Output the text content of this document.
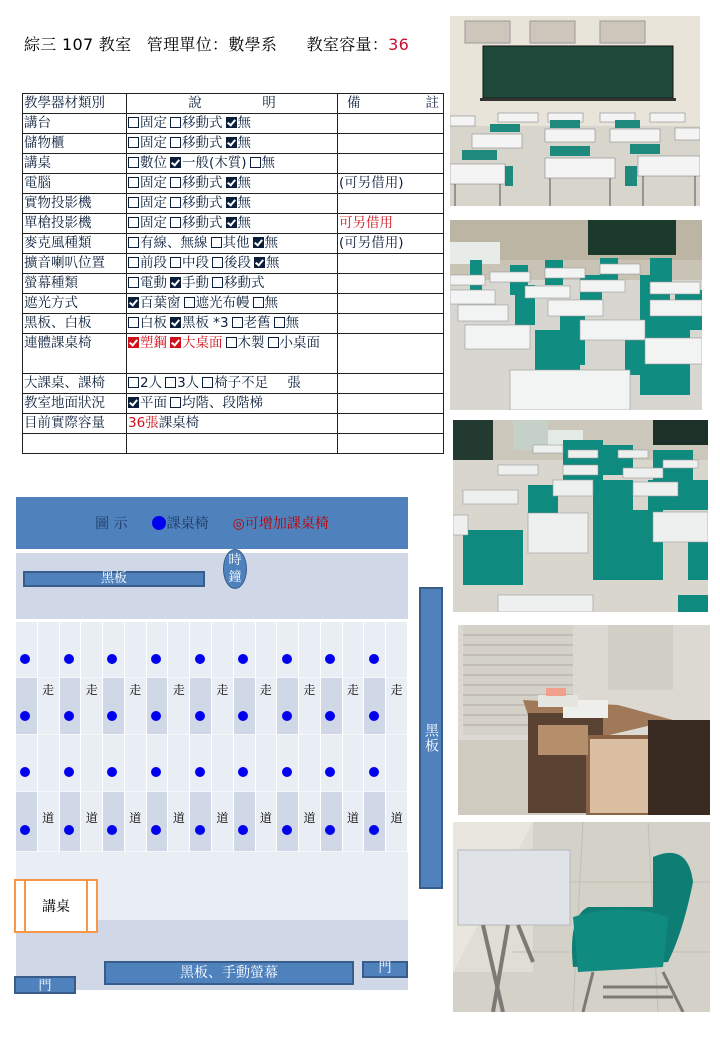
綜三 107 教室 管理單位：數學系 教室容量：36
教學器材類別	說 明	備 註

講台	固定 移動式 無	
儲物櫃	固定 移動式 無	
講桌	數位 一般(木質) 無	
電腦	固定 移動式 無	(可另借用)
實物投影機	固定 移動式 無	
單槍投影機	固定 移動式 無	可另借用
麥克風種類	有線、無線 其他 無	(可另借用)
擴音喇叭位置	前段 中段 後段 無	
螢幕種類	電動 手動 移動式	
遮光方式	百葉窗 遮光布幔 無	
黑板、白板	白板 黑板 *3 老舊 無	
連體課桌椅	塑鋼 大桌面 木製 小桌面	
大課桌、課椅	2人 3人 椅子不足 張	
教室地面狀況	平面 均階、段階梯	
目前實際容量	36張課桌椅	

圖 示	課桌椅 ◎可增加課桌椅
黑板
時鐘
走
道
走
道
走
道
走
道
走
道
走
道
走
道
走
道
走
道
講桌
黑板、手動螢幕	門
門
黑板
